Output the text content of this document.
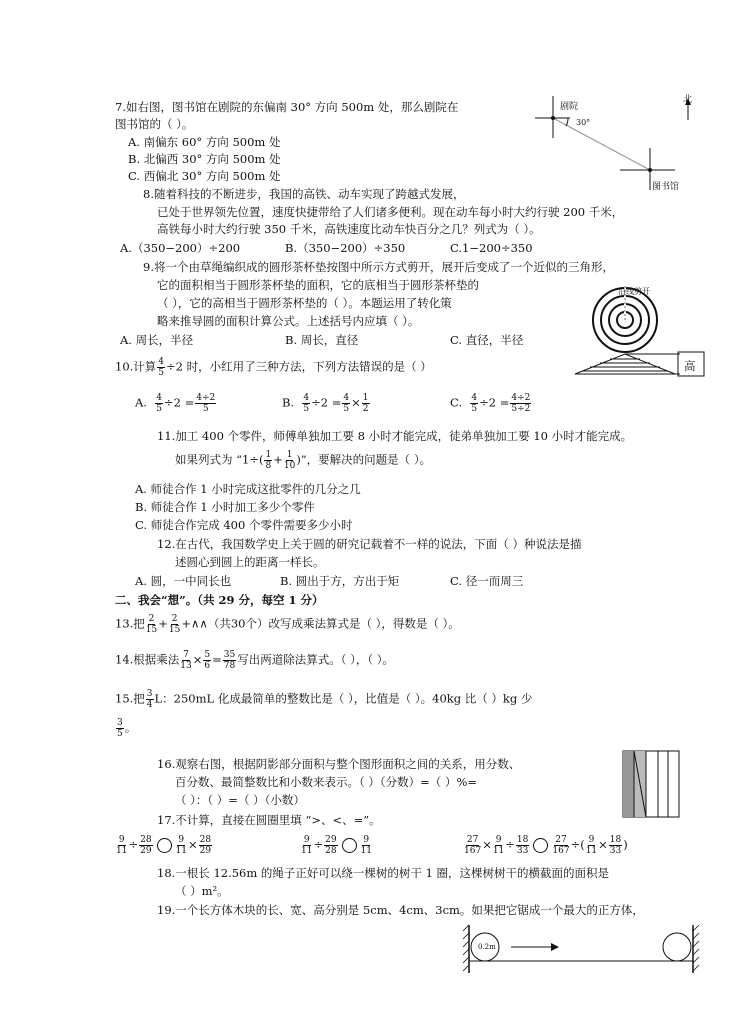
7.如右图，图书馆在剧院的东偏南 30° 方向 500m 处，那么剧院在
图书馆的（ ）。
A. 南偏东 60° 方向 500m 处
B. 北偏西 30° 方向 500m 处
C. 西偏北 30° 方向 500m 处
剧院
30°
北
图书馆
8.随着科技的不断进步，我国的高铁、动车实现了跨越式发展，
已处于世界领先位置，速度快捷带给了人们诸多便利。现在动车每小时大约行驶 200 千米，
高铁每小时大约行驶 350 千米，高铁速度比动车快百分之几？列式为（ ）。
A.（350−200）÷200	B.（350−200）÷350	C.1−200÷350
9.将一个由草绳编织成的圆形茶杯垫按图中所示方式剪开，展开后变成了一个近似的三角形，
它的面积相当于圆形茶杯垫的面积，它的底相当于圆形茶杯垫的
（ ），它的高相当于圆形茶杯垫的（ ）。本题运用了转化策
略来推导圆的面积计算公式。上述括号内应填（ ）。
A. 周长，半径	B. 周长，直径	C. 直径，半径
沿线剪开
高
10.计算 $\frac{4}{5} \div 2$ 时，小红用了三种方法，下列方法错误的是（ ）
A. $\frac{4}{5} \div 2 = \frac{4\div 2}{5}$	B. $\frac{4}{5} \div 2 = \frac{4}{5} \times \frac{1}{2}$	C. $\frac{4}{5} \div 2 = \frac{4\div 2}{5\div 2}$
11.加工 400 个零件，师傅单独加工要 8 小时才能完成，徒弟单独加工要 10 小时才能完成。
如果列式为 “$1\div( \frac{1}{8} + \frac{1}{10}$ )”，要解决的问题是（ ）。
A. 师徒合作 1 小时完成这批零件的几分之几
B. 师徒合作 1 小时加工多少个零件
C. 师徒合作完成 400 个零件需要多少小时
12.在古代，我国数学史上关于圆的研究记载着不一样的说法，下面（ ）种说法是描
述圆心到圆上的距离一样长。
A. 圆，一中同长也	B. 圆出于方，方出于矩	C. 径一而周三
二、我会“想”。（共 29 分，每空 1 分）
13.把 $\frac{2}{15} + \frac{2}{15}$ +∧∧（共30个）改写成乘法算式是（ ），得数是（ ）。
14.根据乘法 $\frac{7}{13} \times \frac{5}{6} = \frac{35}{78}$ 写出两道除法算式。（ ），（ ）。
15.把 $\frac{3}{4}$ L：250mL 化成最简单的整数比是（ ），比值是（ ）。40kg 比（ ）kg 少
$\frac{3}{5}$ 。
16.观察右图，根据阴影部分面积与整个图形面积之间的关系，用分数、
百分数、最简整数比和小数来表示。（ ）（分数）=（ ）%=
（ ）：（ ）=（ ）（小数）
17.不计算，直接在圆圈里填 “>、<、=”。
$\frac{9}{11} \div \frac{28}{29}$	$\frac{9}{11} \times \frac{28}{29}$	$\frac{9}{11} \div \frac{29}{28}$	$\frac{9}{11}$	$\frac{27}{167} \times \frac{9}{11} \div \frac{18}{33}$	$\frac{27}{167}$ ÷( $\frac{9}{11} \times \frac{18}{33}$ )
18.一根长 12.56m 的绳子正好可以绕一棵树的树干 1 圈，这棵树树干的横截面的面积是
（ ）m²。
19.一个长方体木块的长、宽、高分别是 5cm、4cm、3cm。如果把它锯成一个最大的正方体，
0.2m
